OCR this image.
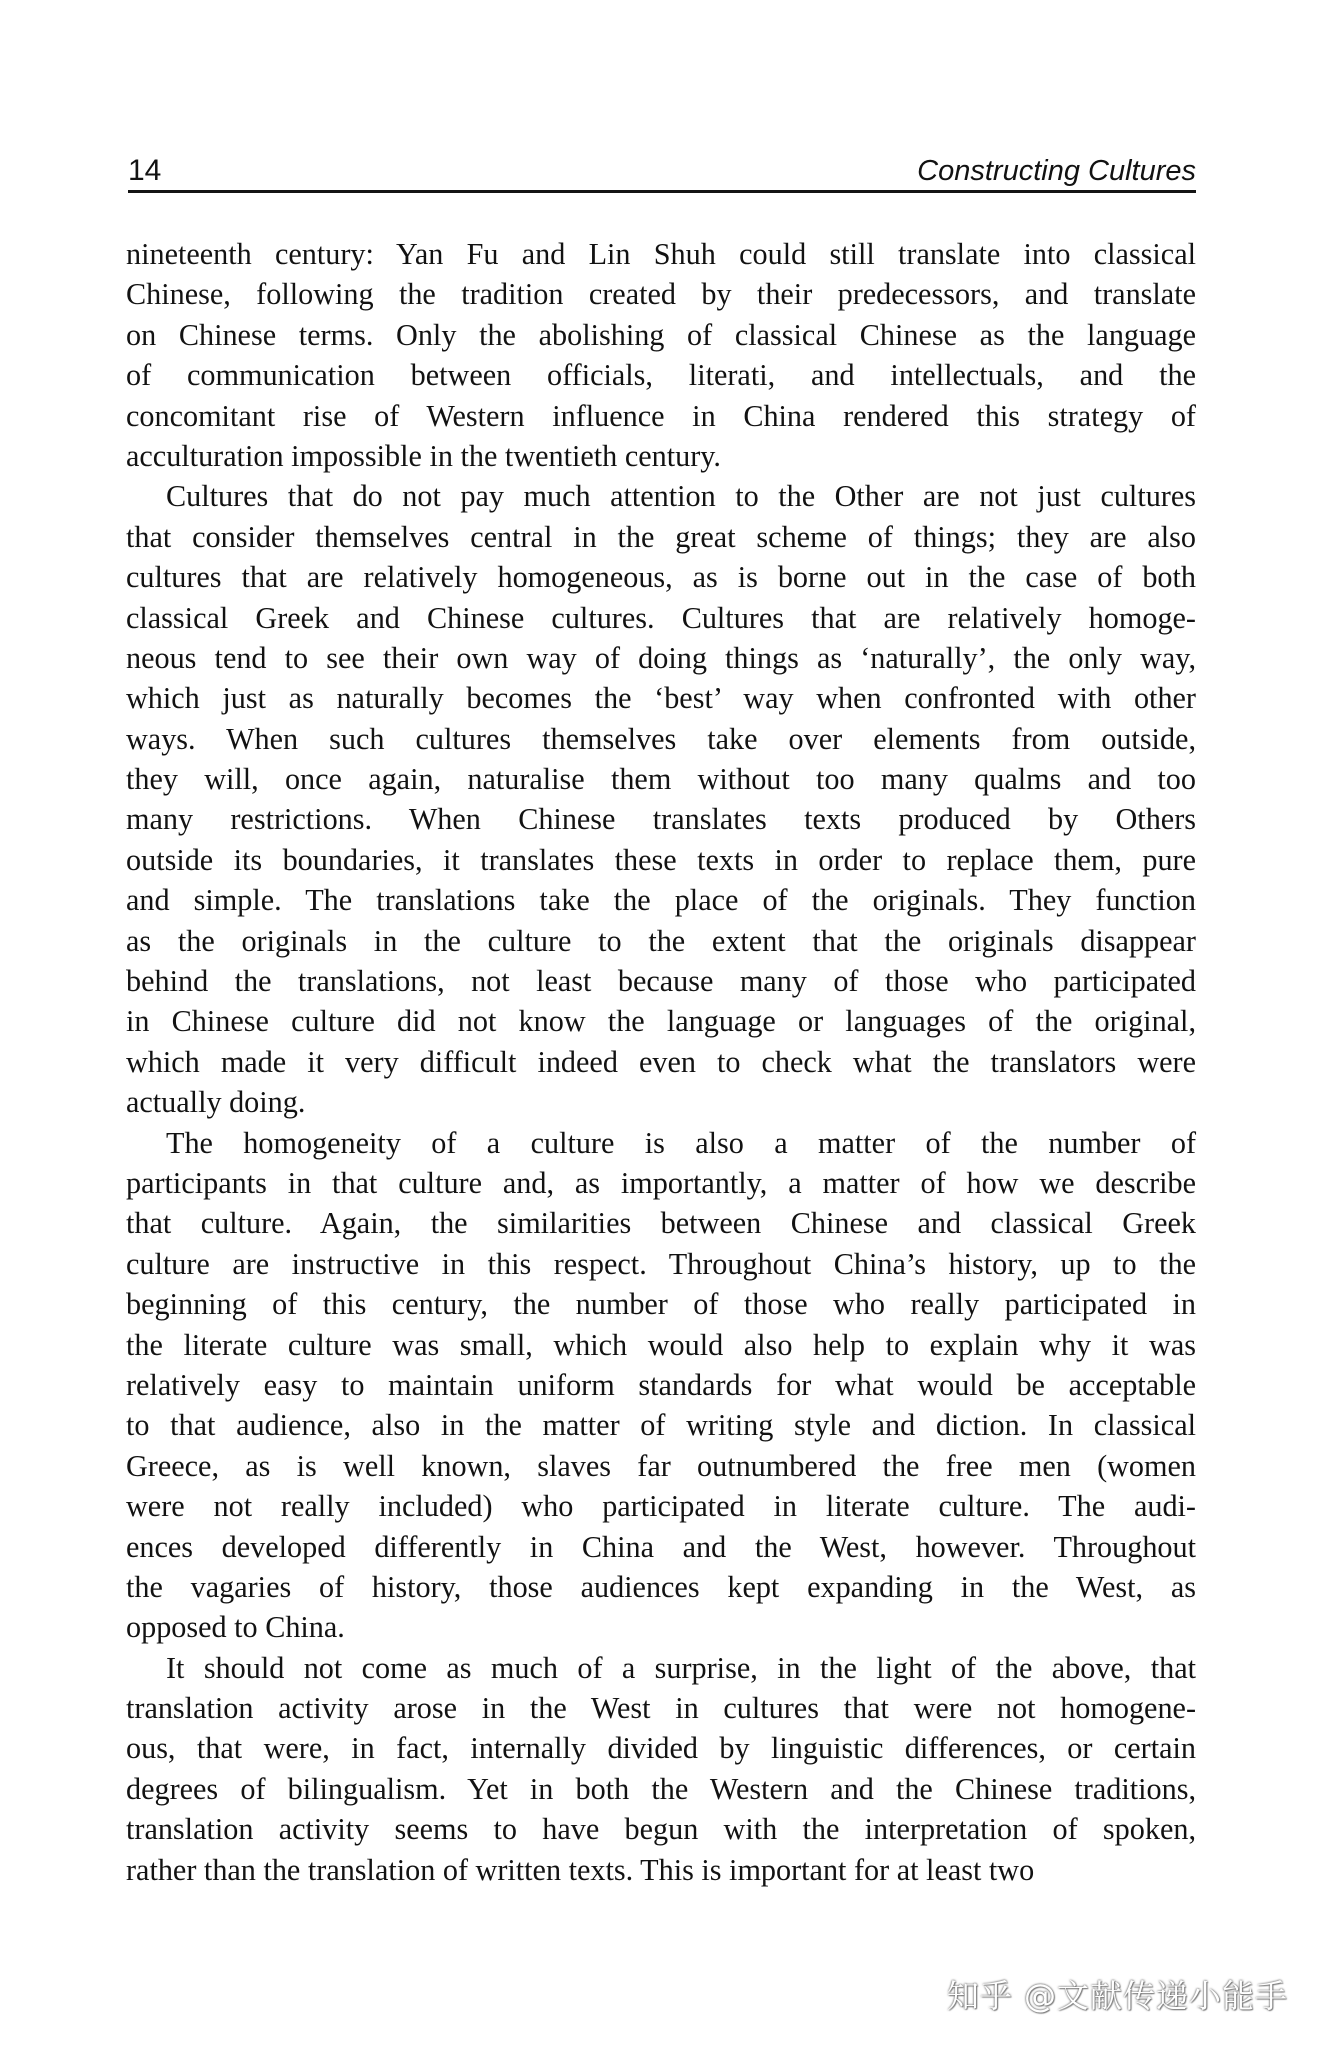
14	Constructing Cultures
nineteenth century: Yan Fu and Lin Shuh could still translate into classical
Chinese, following the tradition created by their predecessors, and translate
on Chinese terms. Only the abolishing of classical Chinese as the language
of communication between officials, literati, and intellectuals, and the
concomitant rise of Western influence in China rendered this strategy of
acculturation impossible in the twentieth century.
Cultures that do not pay much attention to the Other are not just cultures
that consider themselves central in the great scheme of things; they are also
cultures that are relatively homogeneous, as is borne out in the case of both
classical Greek and Chinese cultures. Cultures that are relatively homoge-
neous tend to see their own way of doing things as ‘naturally’, the only way,
which just as naturally becomes the ‘best’ way when confronted with other
ways. When such cultures themselves take over elements from outside,
they will, once again, naturalise them without too many qualms and too
many restrictions. When Chinese translates texts produced by Others
outside its boundaries, it translates these texts in order to replace them, pure
and simple. The translations take the place of the originals. They function
as the originals in the culture to the extent that the originals disappear
behind the translations, not least because many of those who participated
in Chinese culture did not know the language or languages of the original,
which made it very difficult indeed even to check what the translators were
actually doing.
The homogeneity of a culture is also a matter of the number of
participants in that culture and, as importantly, a matter of how we describe
that culture. Again, the similarities between Chinese and classical Greek
culture are instructive in this respect. Throughout China’s history, up to the
beginning of this century, the number of those who really participated in
the literate culture was small, which would also help to explain why it was
relatively easy to maintain uniform standards for what would be acceptable
to that audience, also in the matter of writing style and diction. In classical
Greece, as is well known, slaves far outnumbered the free men (women
were not really included) who participated in literate culture. The audi-
ences developed differently in China and the West, however. Throughout
the vagaries of history, those audiences kept expanding in the West, as
opposed to China.
It should not come as much of a surprise, in the light of the above, that
translation activity arose in the West in cultures that were not homogene-
ous, that were, in fact, internally divided by linguistic differences, or certain
degrees of bilingualism. Yet in both the Western and the Chinese traditions,
translation activity seems to have begun with the interpretation of spoken,
rather than the translation of written texts. This is important for at least two
知乎 @文献传递小能手
